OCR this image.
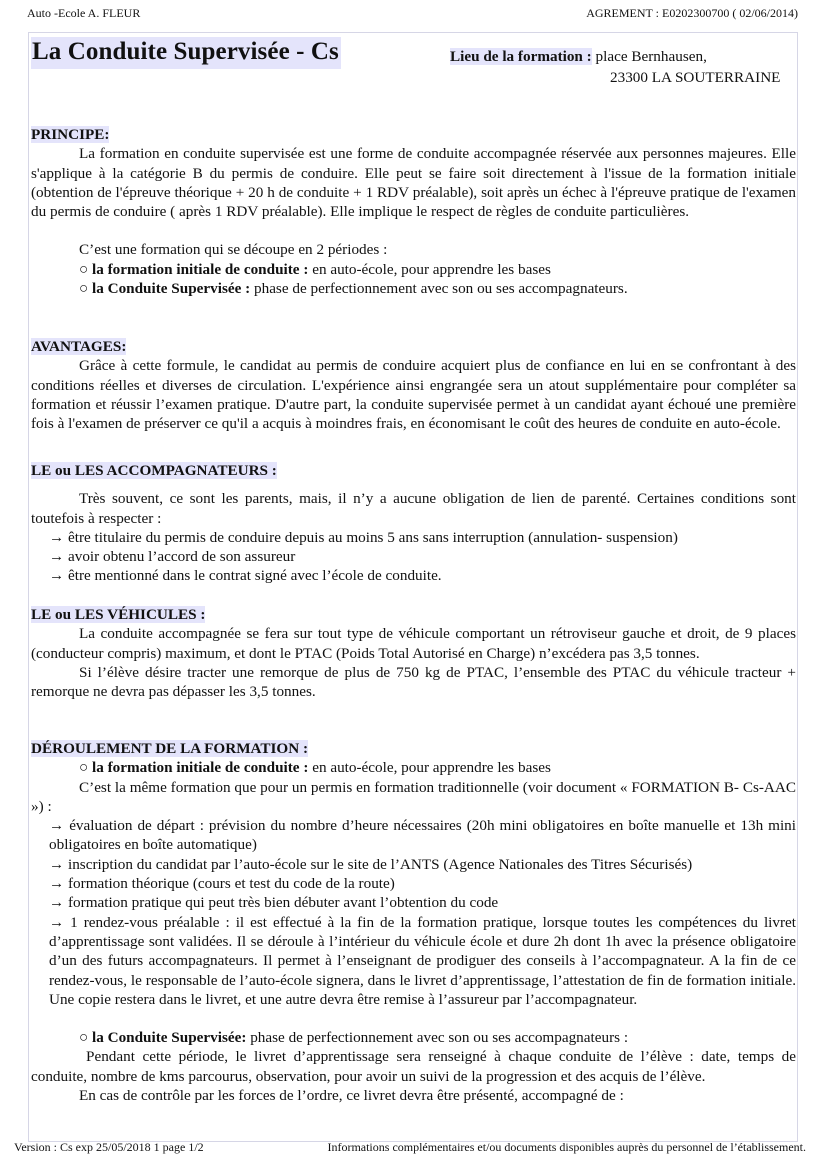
Auto -Ecole A. FLEUR	AGREMENT : E0202300700 ( 02/06/2014)
La Conduite Supervisée - Cs	Lieu de la formation : place Bernhausen,
23300 LA SOUTERRAINE
PRINCIPE:

La formation en conduite supervisée est une forme de conduite accompagnée réservée aux personnes majeures. Elle s'applique à la catégorie B du permis de conduire. Elle peut se faire soit directement à l'issue de la formation initiale (obtention de l'épreuve théorique + 20 h de conduite + 1 RDV préalable), soit après un échec à l'épreuve pratique de l'examen du permis de conduire ( après 1 RDV préalable). Elle implique le respect de règles de conduite particulières.

C’est une formation qui se découpe en 2 périodes :

○ la formation initiale de conduite : en auto-école, pour apprendre les bases

○ la Conduite Supervisée : phase de perfectionnement avec son ou ses accompagnateurs.

AVANTAGES:

Grâce à cette formule, le candidat au permis de conduire acquiert plus de confiance en lui en se confrontant à des conditions réelles et diverses de circulation. L'expérience ainsi engrangée sera un atout supplémentaire pour compléter sa formation et réussir l’examen pratique. D'autre part, la conduite supervisée permet à un candidat ayant échoué une première fois à l'examen de préserver ce qu'il a acquis à moindres frais, en économisant le coût des heures de conduite en auto-école.

LE ou LES ACCOMPAGNATEURS :

Très souvent, ce sont les parents, mais, il n’y a aucune obligation de lien de parenté. Certaines conditions sont toutefois à respecter :

→ être titulaire du permis de conduire depuis au moins 5 ans sans interruption (annulation- suspension)

→ avoir obtenu l’accord de son assureur

→ être mentionné dans le contrat signé avec l’école de conduite.

LE ou LES VÉHICULES :

La conduite accompagnée se fera sur tout type de véhicule comportant un rétroviseur gauche et droit, de 9 places (conducteur compris) maximum, et dont le PTAC (Poids Total Autorisé en Charge) n’excédera pas 3,5 tonnes.

Si l’élève désire tracter une remorque de plus de 750 kg de PTAC, l’ensemble des PTAC du véhicule tracteur + remorque ne devra pas dépasser les 3,5 tonnes.

DÉROULEMENT DE LA FORMATION :

○ la formation initiale de conduite : en auto-école, pour apprendre les bases

C’est la même formation que pour un permis en formation traditionnelle (voir document « FORMATION B- Cs-AAC ») :

→ évaluation de départ : prévision du nombre d’heure nécessaires (20h mini obligatoires en boîte manuelle et 13h mini obligatoires en boîte automatique)

→ inscription du candidat par l’auto-école sur le site de l’ANTS (Agence Nationales des Titres Sécurisés)

→ formation théorique (cours et test du code de la route)

→ formation pratique qui peut très bien débuter avant l’obtention du code

→ 1 rendez-vous préalable : il est effectué à la fin de la formation pratique, lorsque toutes les compétences du livret d’apprentissage sont validées. Il se déroule à l’intérieur du véhicule école et dure 2h dont 1h avec la présence obligatoire d’un des futurs accompagnateurs. Il permet à l’enseignant de prodiguer des conseils à l’accompagnateur. A la fin de ce rendez-vous, le responsable de l’auto-école signera, dans le livret d’apprentissage, l’attestation de fin de formation initiale. Une copie restera dans le livret, et une autre devra être remise à l’assureur par l’accompagnateur.

○ la Conduite Supervisée: phase de perfectionnement avec son ou ses accompagnateurs :

Pendant cette période, le livret d’apprentissage sera renseigné à chaque conduite de l’élève : date, temps de conduite, nombre de kms parcourus, observation, pour avoir un suivi de la progression et des acquis de l’élève.

En cas de contrôle par les forces de l’ordre, ce livret devra être présenté, accompagné de :

Version : Cs exp 25/05/2018 1 page 1/2	Informations complémentaires et/ou documents disponibles auprès du personnel de l’établissement.
